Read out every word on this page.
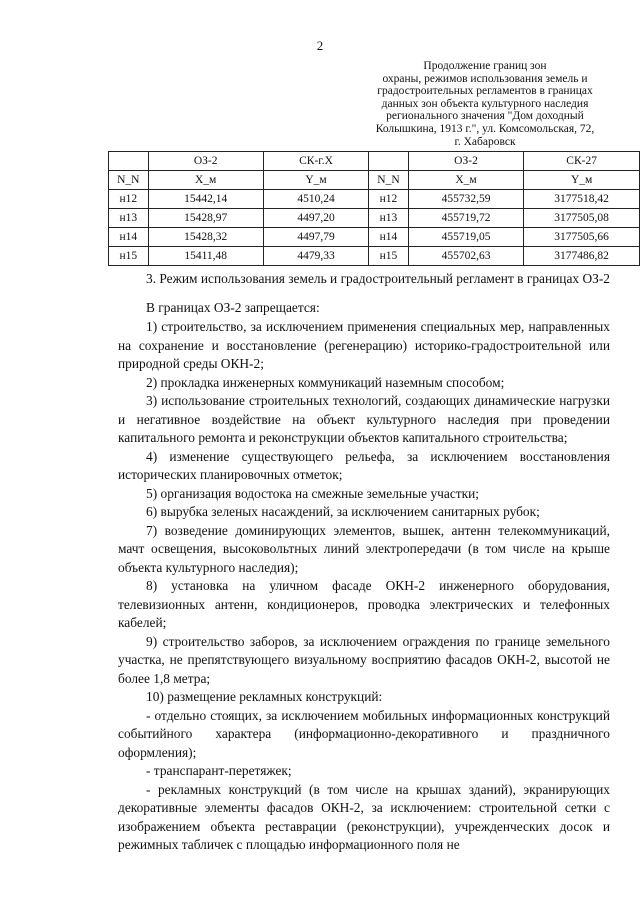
2
Продолжение границ зон
охраны, режимов использования земель и
градостроительных регламентов в границах
данных зон объекта культурного наследия
регионального значения "Дом доходный
Колышкина, 1913 г.", ул. Комсомольская, 72,
г. Хабаровск
	ОЗ-2	СК-г.Х		ОЗ-2	СК-27
N_N	X_м	Y_м	N_N	X_м	Y_м
н12	15442,14	4510,24	н12	455732,59	3177518,42
н13	15428,97	4497,20	н13	455719,72	3177505,08
н14	15428,32	4497,79	н14	455719,05	3177505,66
н15	15411,48	4479,33	н15	455702,63	3177486,82

3. Режим использования земель и градостроительный регламент в границах ОЗ-2

В границах ОЗ-2 запрещается:

1) строительство, за исключением применения специальных мер, направленных на сохранение и восстановление (регенерацию) историко-градостроительной или природной среды ОКН-2;

2) прокладка инженерных коммуникаций наземным способом;

3) использование строительных технологий, создающих динамические нагрузки и негативное воздействие на объект культурного наследия при проведении капитального ремонта и реконструкции объектов капитального строительства;

4) изменение существующего рельефа, за исключением восстановления исторических планировочных отметок;

5) организация водостока на смежные земельные участки;

6) вырубка зеленых насаждений, за исключением санитарных рубок;

7) возведение доминирующих элементов, вышек, антенн телекоммуникаций, мачт освещения, высоковольтных линий электропередачи (в том числе на крыше объекта культурного наследия);

8) установка на уличном фасаде ОКН-2 инженерного оборудования, телевизионных антенн, кондиционеров, проводка электрических и телефонных кабелей;

9) строительство заборов, за исключением ограждения по границе земельного участка, не препятствующего визуальному восприятию фасадов ОКН-2, высотой не более 1,8 метра;

10) размещение рекламных конструкций:

- отдельно стоящих, за исключением мобильных информационных конструкций событийного характера (информационно-декоративного и праздничного оформления);

- транспарант-перетяжек;

- рекламных конструкций (в том числе на крышах зданий), экранирующих декоративные элементы фасадов ОКН-2, за исключением: строительной сетки с изображением объекта реставрации (реконструкции), учрежденческих досок и режимных табличек с площадью информационного поля не
